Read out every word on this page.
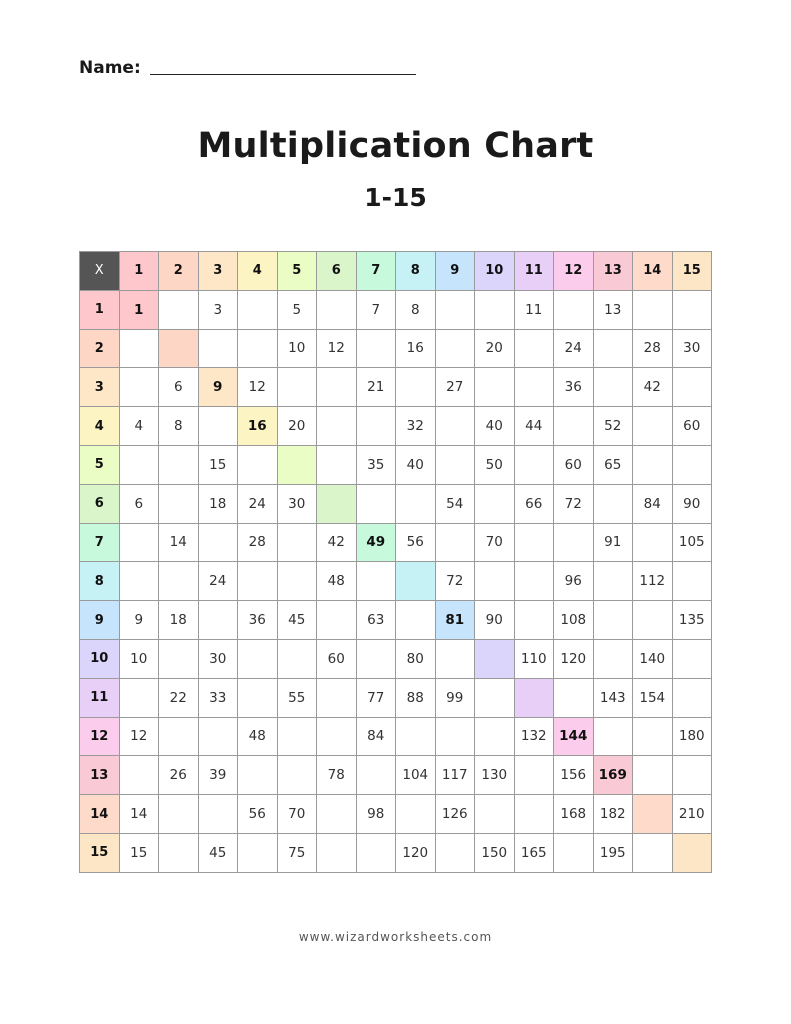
Name:
Multiplication Chart
1-15
X	1	2	3	4	5	6	7	8	9	10	11	12	13	14	15
1	1		3		5		7	8			11		13		
2					10	12		16		20		24		28	30
3		6	9	12			21		27			36		42	
4	4	8		16	20			32		40	44		52		60
5			15				35	40		50		60	65		
6	6		18	24	30				54		66	72		84	90
7		14		28		42	49	56		70			91		105
8			24			48			72			96		112	
9	9	18		36	45		63		81	90		108			135
10	10		30			60		80			110	120		140	
11		22	33		55		77	88	99				143	154	
12	12			48			84				132	144			180
13		26	39			78		104	117	130		156	169		
14	14			56	70		98		126			168	182		210
15	15		45		75			120		150	165		195		
www.wizardworksheets.com
